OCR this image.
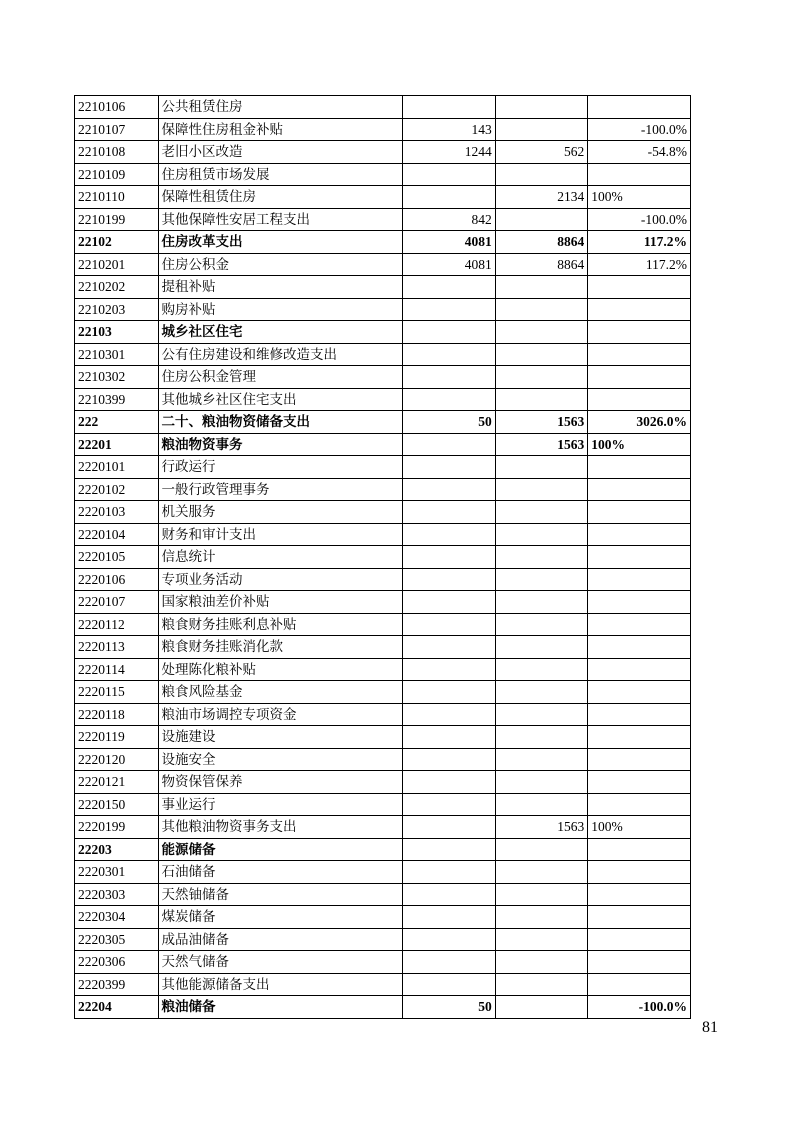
2210106	公共租赁住房			
2210107	保障性住房租金补贴	143		-100.0%
2210108	老旧小区改造	1244	562	-54.8%
2210109	住房租赁市场发展			
2210110	保障性租赁住房		2134	100%
2210199	其他保障性安居工程支出	842		-100.0%
22102	住房改革支出	4081	8864	117.2%
2210201	住房公积金	4081	8864	117.2%
2210202	提租补贴			
2210203	购房补贴			
22103	城乡社区住宅			
2210301	公有住房建设和维修改造支出			
2210302	住房公积金管理			
2210399	其他城乡社区住宅支出			
222	二十、粮油物资储备支出	50	1563	3026.0%
22201	粮油物资事务		1563	100%
2220101	行政运行			
2220102	一般行政管理事务			
2220103	机关服务			
2220104	财务和审计支出			
2220105	信息统计			
2220106	专项业务活动			
2220107	国家粮油差价补贴			
2220112	粮食财务挂账利息补贴			
2220113	粮食财务挂账消化款			
2220114	处理陈化粮补贴			
2220115	粮食风险基金			
2220118	粮油市场调控专项资金			
2220119	设施建设			
2220120	设施安全			
2220121	物资保管保养			
2220150	事业运行			
2220199	其他粮油物资事务支出		1563	100%
22203	能源储备			
2220301	石油储备			
2220303	天然铀储备			
2220304	煤炭储备			
2220305	成品油储备			
2220306	天然气储备			
2220399	其他能源储备支出			
22204	粮油储备	50		-100.0%
81
